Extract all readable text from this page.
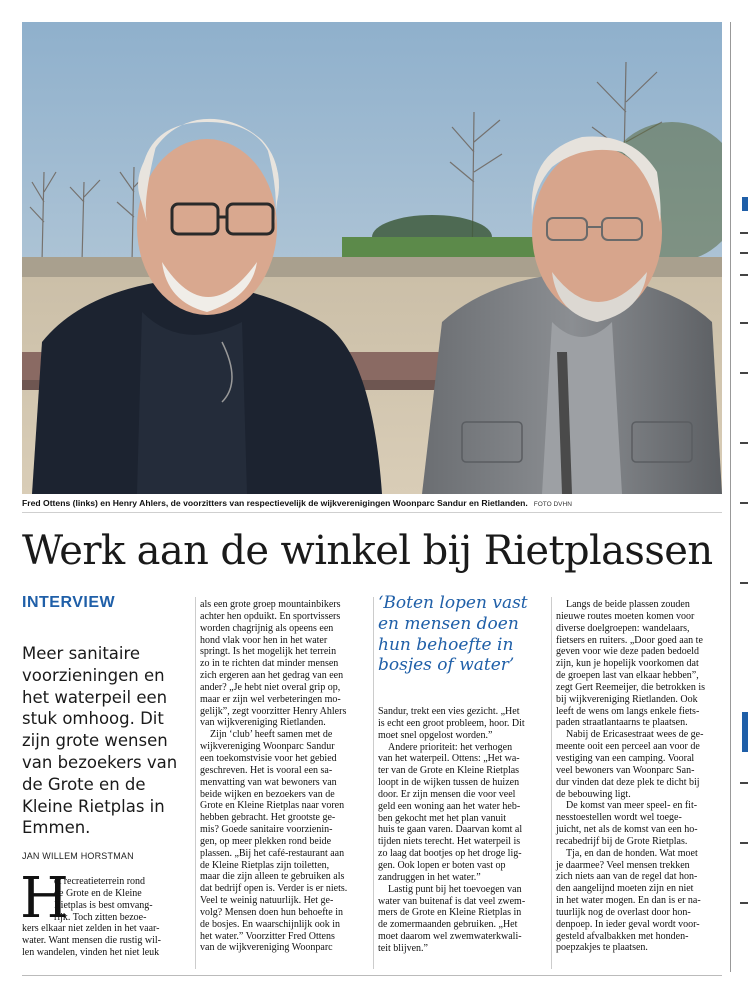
Fred Ottens (links) en Henry Ahlers, de voorzitters van respectievelijk de wijkverenigingen Woonparc Sandur en Rietlanden. FOTO DVHN
Werk aan de winkel bij Rietplassen
INTERVIEW
Meer sanitaire voorzieningen en het waterpeil een stuk omhoog. Dit zijn grote wensen van bezoekers van de Grote en de Kleine Rietplas in Emmen.
JAN WILLEM HORSTMAN
H
et recreatieterrein rond
de Grote en de Kleine
Rietplas is best omvang-
rijk. Toch zitten bezoe-
kers elkaar niet zelden in het vaar-
water. Want mensen die rustig wil-
len wandelen, vinden het niet leuk
als een grote groep mountainbikers
achter hen opduikt. En sportvissers
worden chagrijnig als opeens een
hond vlak voor hen in het water
springt. Is het mogelijk het terrein
zo in te richten dat minder mensen
zich ergeren aan het gedrag van een
ander? „Je hebt niet overal grip op,
maar er zijn wel verbeteringen mo-
gelijk”, zegt voorzitter Henry Ahlers
van wijkvereniging Rietlanden.
Zijn ‘club’ heeft samen met de
wijkvereniging Woonparc Sandur
een toekomstvisie voor het gebied
geschreven. Het is vooral een sa-
menvatting van wat bewoners van
beide wijken en bezoekers van de
Grote en Kleine Rietplas naar voren
hebben gebracht. Het grootste ge-
mis? Goede sanitaire voorzienin-
gen, op meer plekken rond beide
plassen. „Bij het café-restaurant aan
de Kleine Rietplas zijn toiletten,
maar die zijn alleen te gebruiken als
dat bedrijf open is. Verder is er niets.
Veel te weinig natuurlijk. Het ge-
volg? Mensen doen hun behoefte in
de bosjes. En waarschijnlijk ook in
het water.” Voorzitter Fred Ottens
van de wijkvereniging Woonparc
‘Boten lopen vast en mensen doen hun behoefte in bosjes of water’
Sandur, trekt een vies gezicht. „Het
is echt een groot probleem, hoor. Dit
moet snel opgelost worden.”
Andere prioriteit: het verhogen
van het waterpeil. Ottens: „Het wa-
ter van de Grote en Kleine Rietplas
loopt in de wijken tussen de huizen
door. Er zijn mensen die voor veel
geld een woning aan het water heb-
ben gekocht met het plan vanuit
huis te gaan varen. Daarvan komt al
tijden niets terecht. Het waterpeil is
zo laag dat bootjes op het droge lig-
gen. Ook lopen er boten vast op
zandruggen in het water.”
Lastig punt bij het toevoegen van
water van buitenaf is dat veel zwem-
mers de Grote en Kleine Rietplas in
de zomermaanden gebruiken. „Het
moet daarom wel zwemwaterkwali-
teit blijven.”
Langs de beide plassen zouden
nieuwe routes moeten komen voor
diverse doelgroepen: wandelaars,
fietsers en ruiters. „Door goed aan te
geven voor wie deze paden bedoeld
zijn, kun je hopelijk voorkomen dat
de groepen last van elkaar hebben”,
zegt Gert Reemeijer, die betrokken is
bij wijkvereniging Rietlanden. Ook
leeft de wens om langs enkele fiets-
paden straatlantaarns te plaatsen.
Nabij de Ericasestraat wees de ge-
meente ooit een perceel aan voor de
vestiging van een camping. Vooral
veel bewoners van Woonparc San-
dur vinden dat deze plek te dicht bij
de bebouwing ligt.
De komst van meer speel- en fit-
nesstoestellen wordt wel toege-
juicht, net als de komst van een ho-
recabedrijf bij de Grote Rietplas.
Tja, en dan de honden. Wat moet
je daarmee? Veel mensen trekken
zich niets aan van de regel dat hon-
den aangelijnd moeten zijn en niet
in het water mogen. En dan is er na-
tuurlijk nog de overlast door hon-
denpoep. In ieder geval wordt voor-
gesteld afvalbakken met honden-
poepzakjes te plaatsen.
